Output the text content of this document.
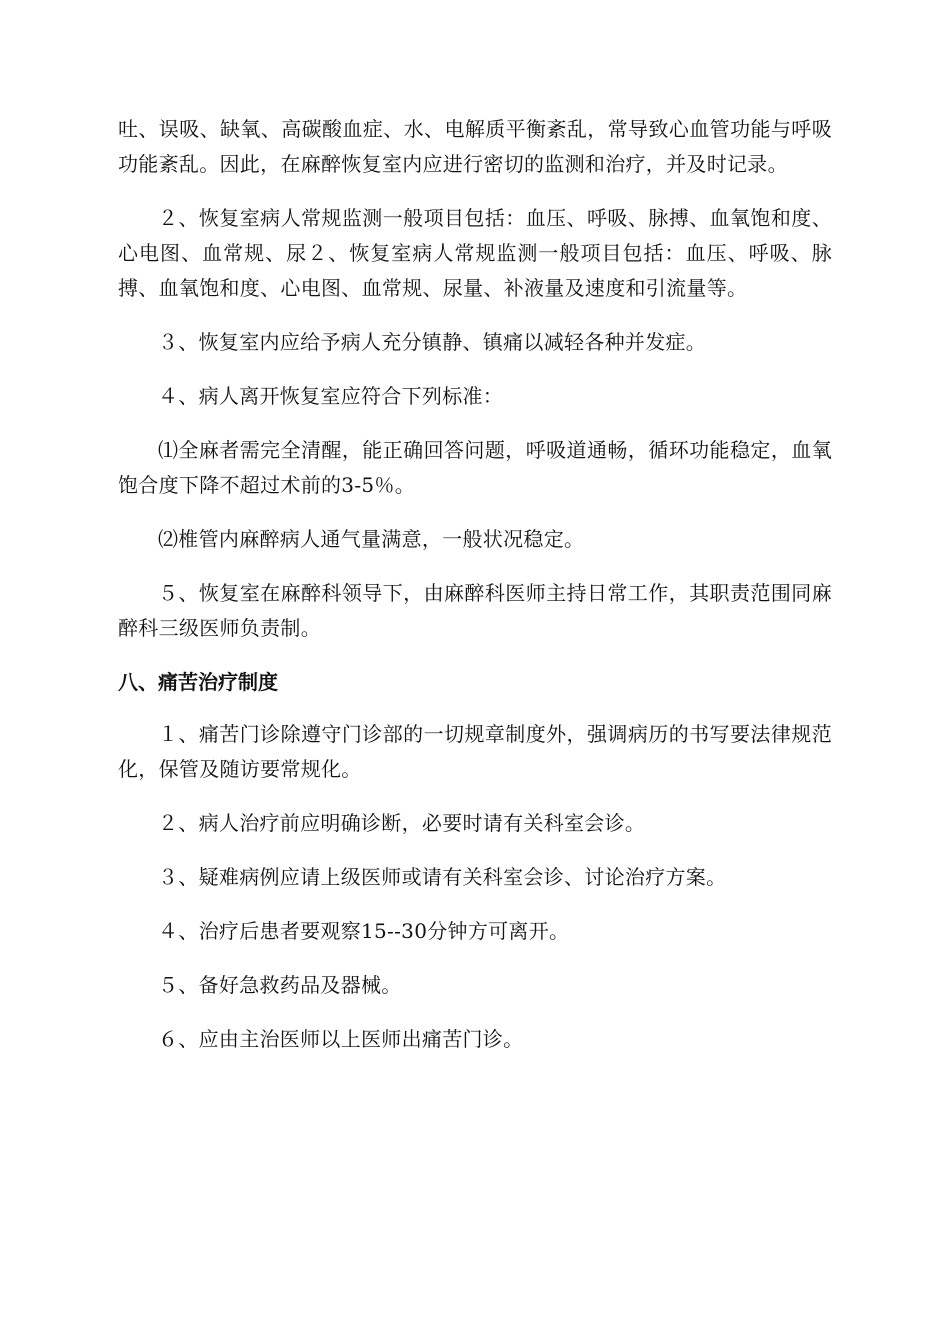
吐、误吸、缺氧、高碳酸血症、水、电解质平衡紊乱，常导致心血管功能与呼吸功能紊乱。因此，在麻醉恢复室内应进行密切的监测和治疗，并及时记录。

２、恢复室病人常规监测一般项目包括：血压、呼吸、脉搏、血氧饱和度、心电图、血常规、尿２、恢复室病人常规监测一般项目包括：血压、呼吸、脉搏、血氧饱和度、心电图、血常规、尿量、补液量及速度和引流量等。

３、恢复室内应给予病人充分镇静、镇痛以减轻各种并发症。

４、病人离开恢复室应符合下列标准：

⑴全麻者需完全清醒，能正确回答问题，呼吸道通畅，循环功能稳定，血氧饱合度下降不超过术前的3-5％。

⑵椎管内麻醉病人通气量满意，一般状况稳定。

５、恢复室在麻醉科领导下，由麻醉科医师主持日常工作，其职责范围同麻醉科三级医师负责制。

八、痛苦治疗制度

１、痛苦门诊除遵守门诊部的一切规章制度外，强调病历的书写要法律规范化，保管及随访要常规化。

２、病人治疗前应明确诊断，必要时请有关科室会诊。

３、疑难病例应请上级医师或请有关科室会诊、讨论治疗方案。

４、治疗后患者要观察15--30分钟方可离开。

５、备好急救药品及器械。

６、应由主治医师以上医师出痛苦门诊。
